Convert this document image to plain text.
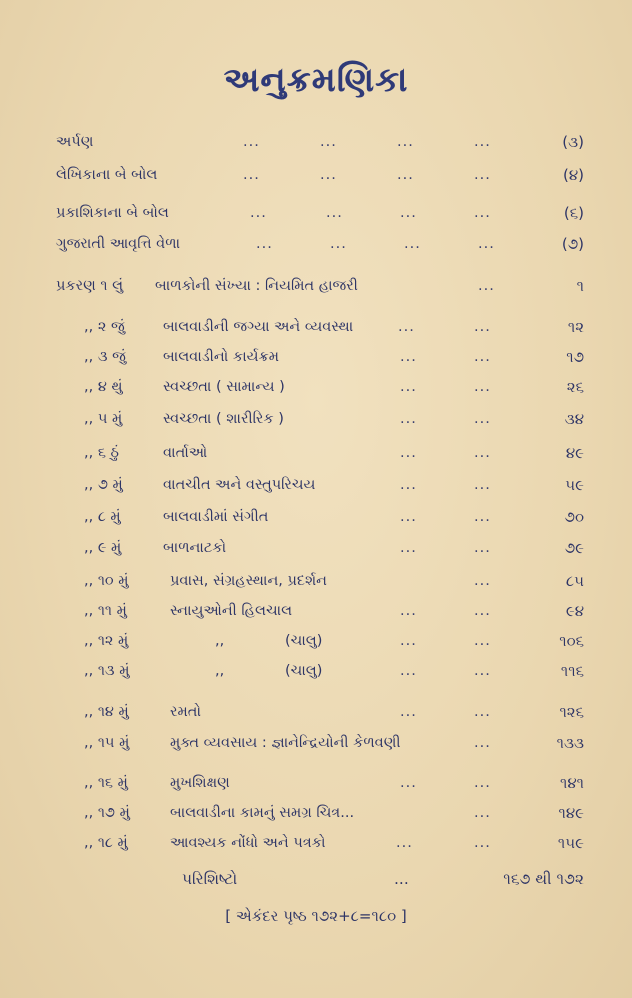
અનુક્રમણિકા
અર્પણ	...	...	...	...	(૩)
લેખિકાના બે બોલ	...	...	...	...	(૪)
પ્રકાશિકાના બે બોલ	...	...	...	...	(૬)
ગુજરાતી આવૃત્તિ વેળા	...	...	...	...	(૭)
પ્રકરણ ૧ લું બાળકોની સંખ્યા : નિયમિત હાજરી	...	૧
,, ૨ જું	બાલવાડીની જગ્યા અને વ્યવસ્થા	...	...	૧૨
,, ૩ જું	બાલવાડીનો કાર્યક્રમ	...	...	૧૭
,, ૪ થું	સ્વચ્છતા ( સામાન્ય )	...	...	૨૬
,, ૫ મું	સ્વચ્છતા ( શારીરિક )	...	...	૩૪
,, ૬ ઠું	વાર્તાઓ	...	...	૪૯
,, ૭ મું	વાતચીત અને વસ્તુપરિચય	...	...	૫૯
,, ૮ મું	બાલવાડીમાં સંગીત	...	...	૭૦
,, ૯ મું	બાળનાટકો	...	...	૭૯
,, ૧૦ મું	પ્રવાસ, સંગ્રહસ્થાન, પ્રદર્શન	...	૮૫
,, ૧૧ મું	સ્નાયુઓની હિલચાલ	...	...	૯૪
,, ૧૨ મું	,,	(ચાલુ)	...	...	૧૦૬
,, ૧૩ મું	,,	(ચાલુ)	...	...	૧૧૬
,, ૧૪ મું	રમતો	...	...	૧૨૬
,, ૧૫ મું	મુક્ત વ્યવસાય : જ્ઞાનેન્દ્રિયોની કેળવણી	...	૧૩૩
,, ૧૬ મું	મુખશિક્ષણ	...	...	૧૪૧
,, ૧૭ મું	બાલવાડીના કામનું સમગ્ર ચિત્ર...	...	૧૪૯
,, ૧૮ મું	આવશ્યક નોંધો અને પત્રકો	...	...	૧૫૯
પરિશિષ્ટો	...	૧૬૭ થી ૧૭૨
[ એકંદર પૃષ્ઠ ૧૭૨+૮=૧૮૦ ]
